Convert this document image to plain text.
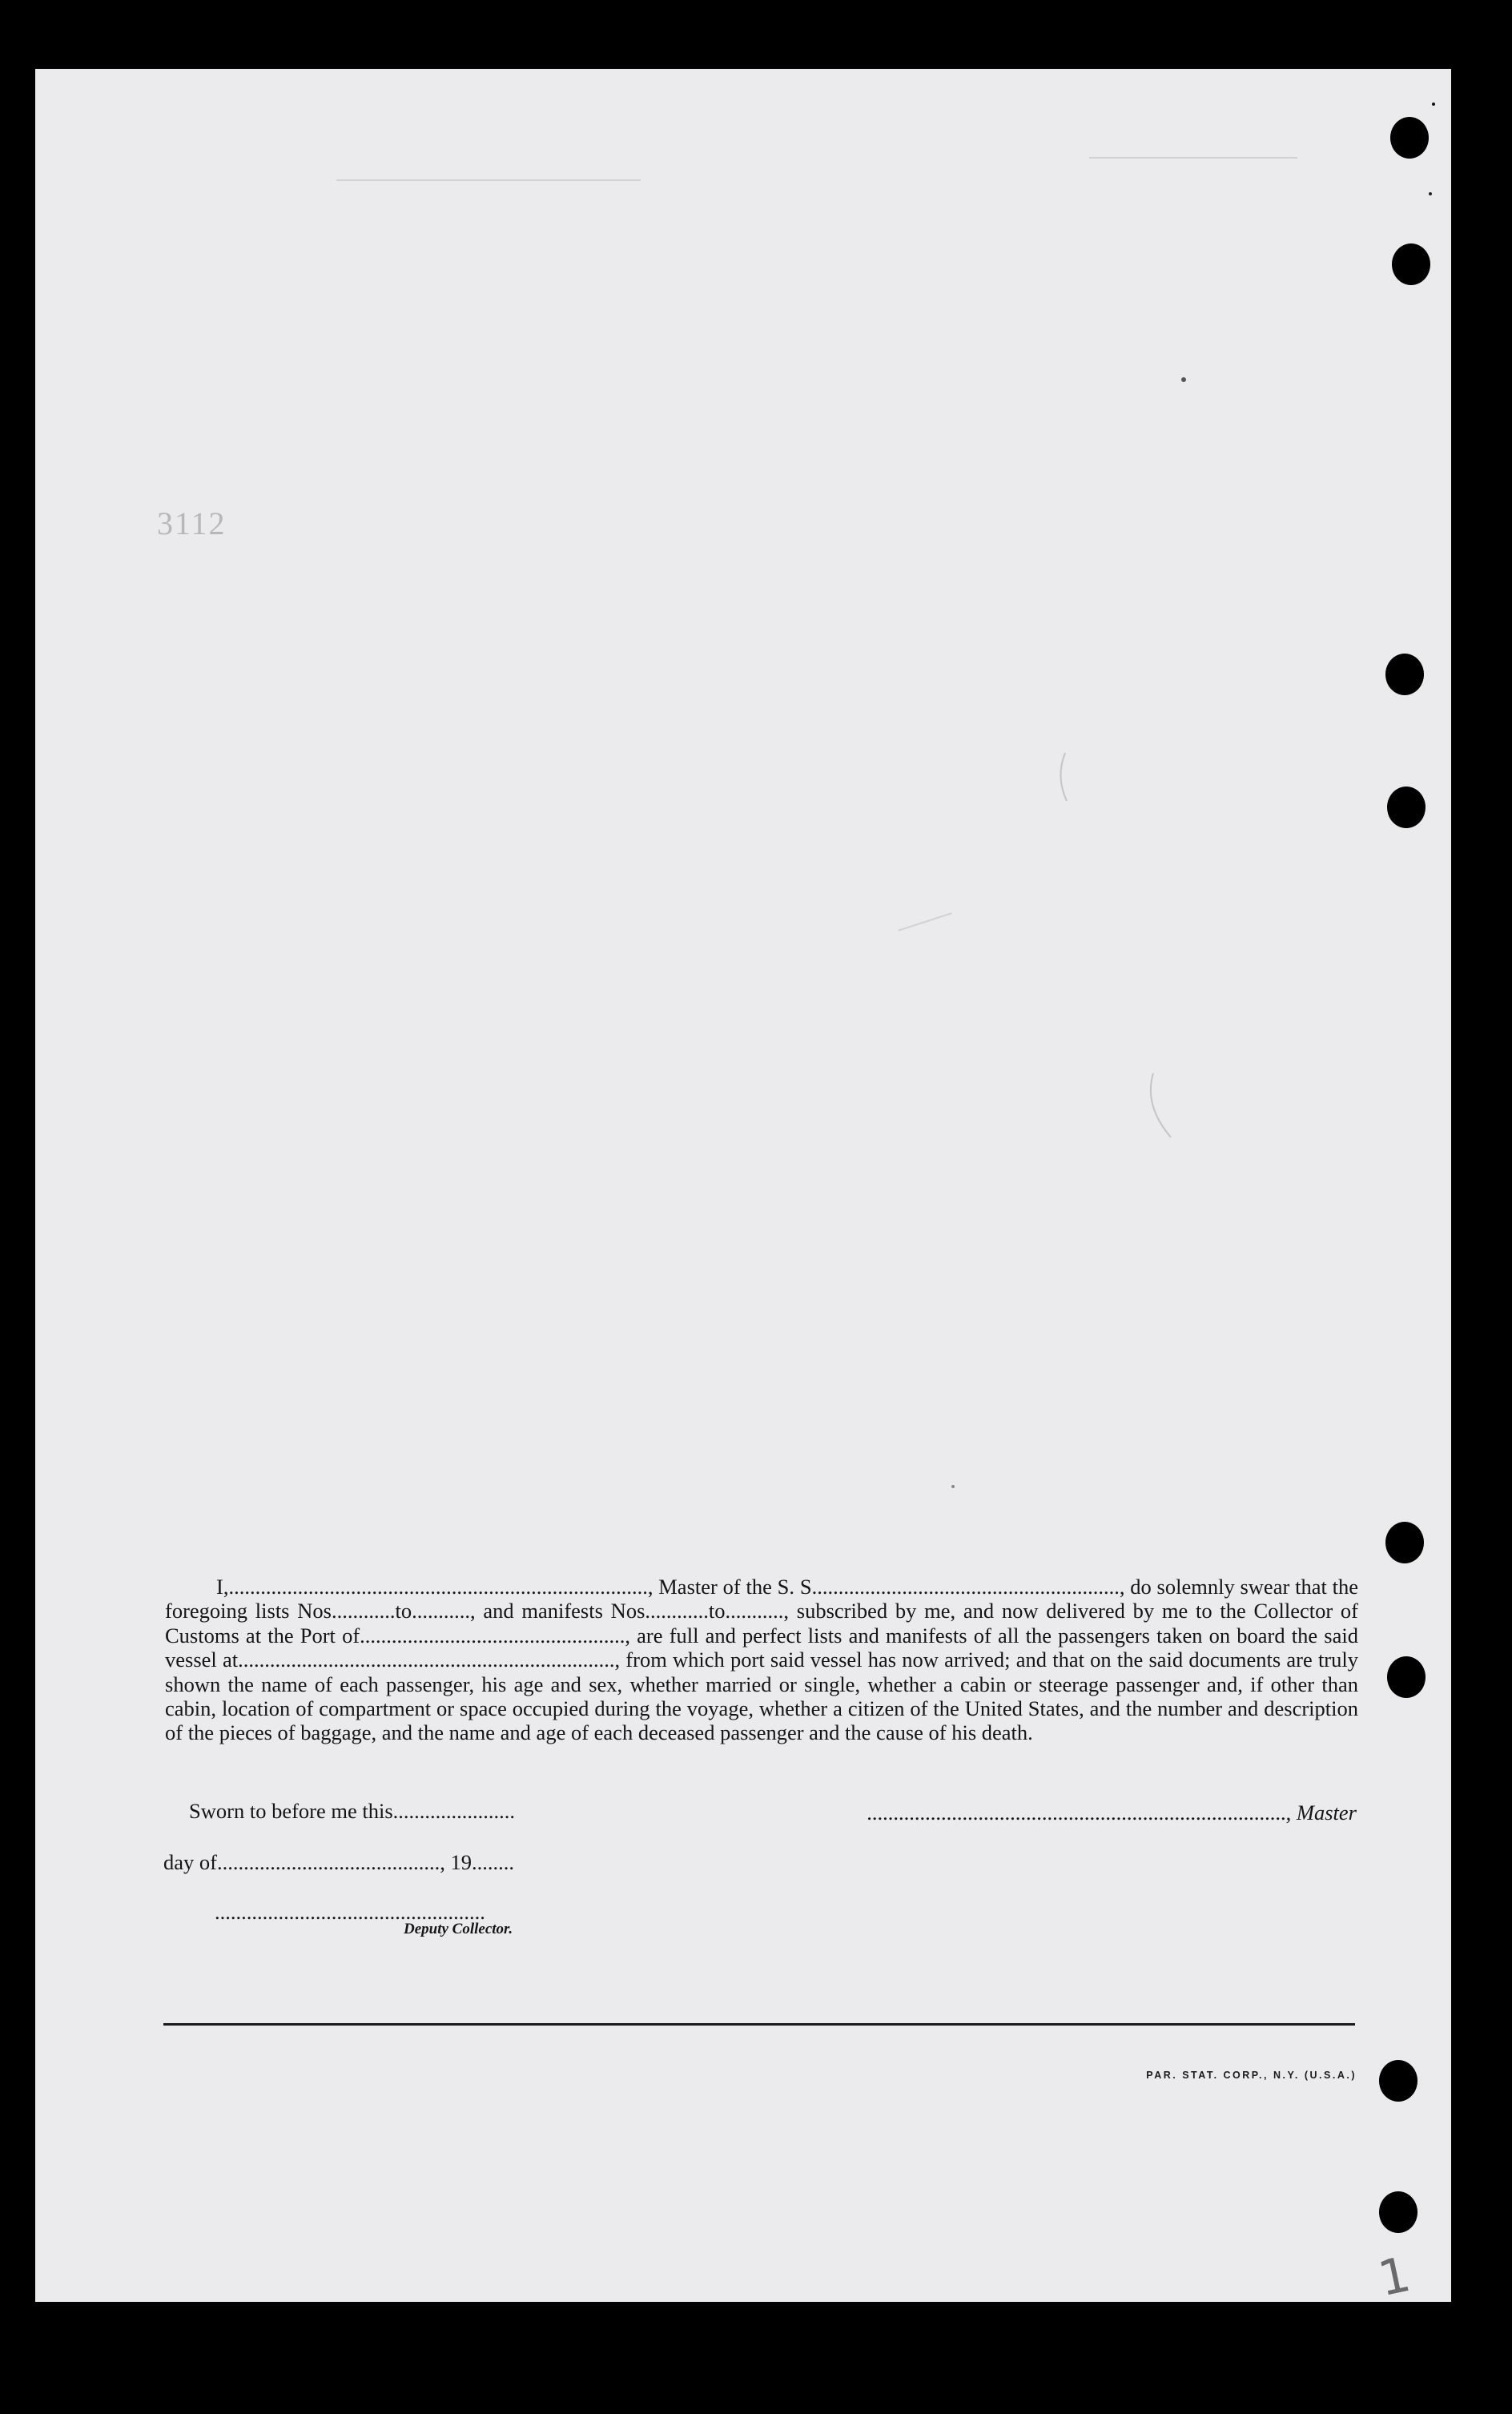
3112
I,..............................................................................., Master of the S. S.........................................................., do solemnly swear that the foregoing lists Nos............to..........., and manifests Nos............to..........., subscribed by me, and now delivered by me to the Collector of Customs at the Port of.................................................., are full and perfect lists and manifests of all the passengers taken on board the said vessel at......................................................................., from which port said vessel has now arrived; and that on the said documents are truly shown the name of each passenger, his age and sex, whether married or single, whether a cabin or steerage passenger and, if other than cabin, location of compartment or space occupied during the voyage, whether a citizen of the United States, and the number and description of the pieces of baggage, and the name and age of each deceased passenger and the cause of his death.
Sworn to before me this.......................	..............................................................................., Master
day of.........................................., 19........
...................................................
Deputy Collector.
PAR. STAT. CORP., N.Y. (U.S.A.)
1
